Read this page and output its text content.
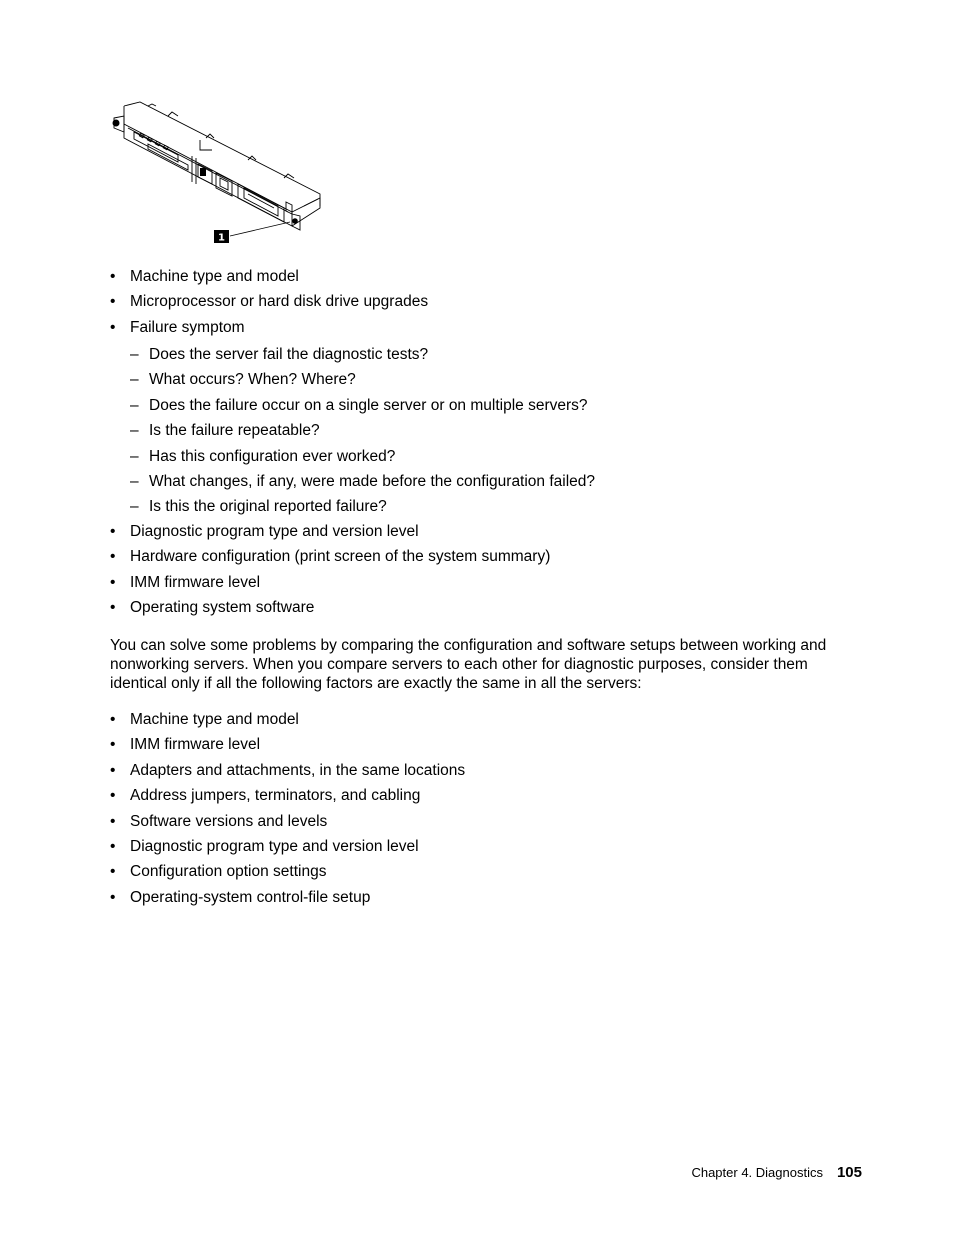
1
• Machine type and model
• Microprocessor or hard disk drive upgrades
• Failure symptom
– Does the server fail the diagnostic tests?
– What occurs? When? Where?
– Does the failure occur on a single server or on multiple servers?
– Is the failure repeatable?
– Has this configuration ever worked?
– What changes, if any, were made before the configuration failed?
– Is this the original reported failure?
• Diagnostic program type and version level
• Hardware configuration (print screen of the system summary)
• IMM firmware level
• Operating system software

You can solve some problems by comparing the configuration and software setups between working and nonworking servers. When you compare servers to each other for diagnostic purposes, consider them identical only if all the following factors are exactly the same in all the servers:

• Machine type and model
• IMM firmware level
• Adapters and attachments, in the same locations
• Address jumpers, terminators, and cabling
• Software versions and levels
• Diagnostic program type and version level
• Configuration option settings
• Operating-system control-file setup
Chapter 4. Diagnostics 105
